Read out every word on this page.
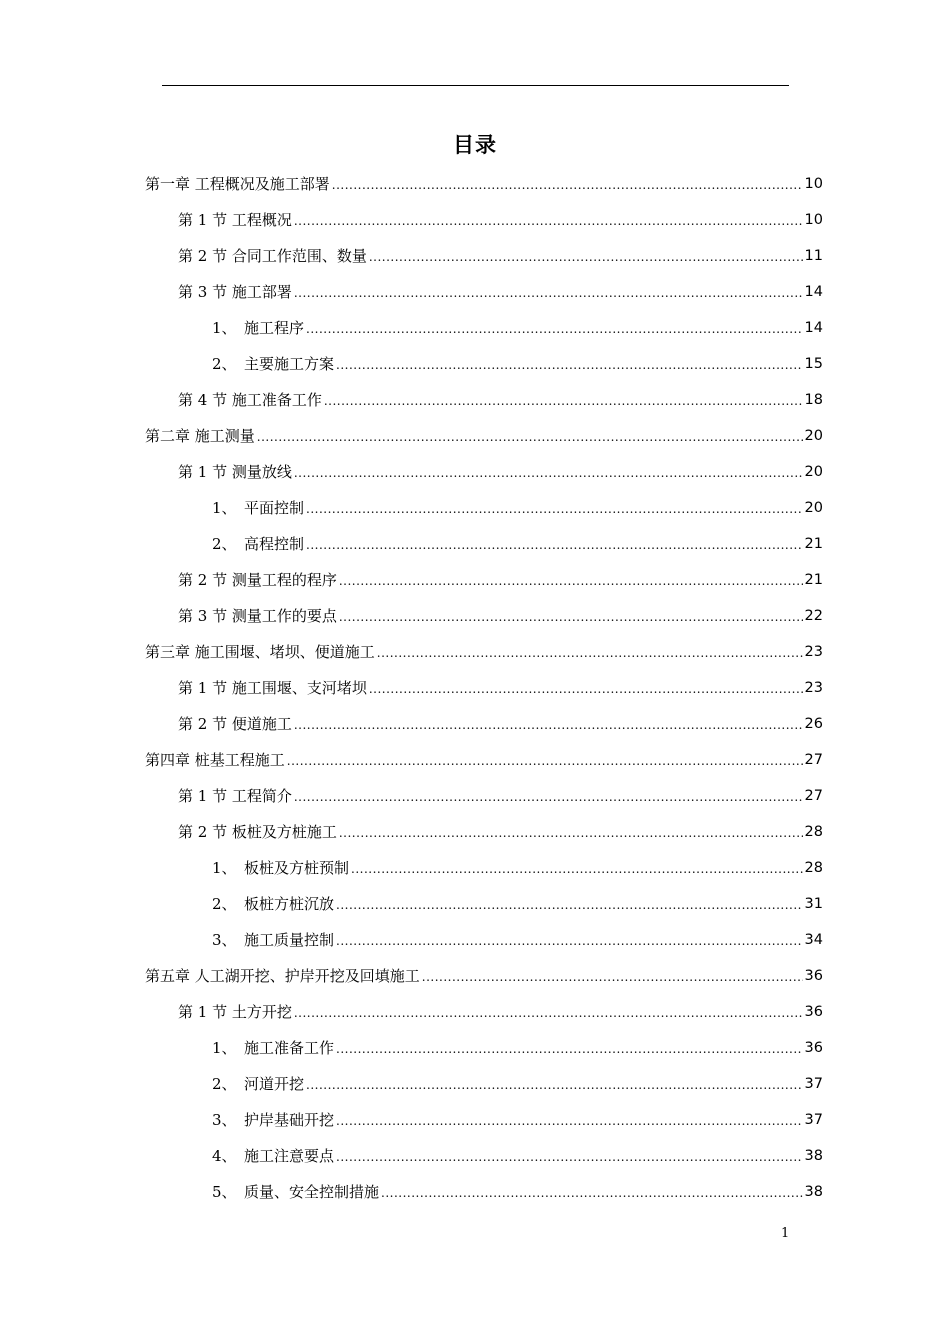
目录
第一章 工程概况及施工部署 .....	10
第 1 节 工程概况 .....	10
第 2 节 合同工作范围、数量 .....	11
第 3 节 施工部署 .....	14
1、 施工程序 .....	14
2、 主要施工方案 .....	15
第 4 节 施工准备工作 .....	18
第二章 施工测量 .....	20
第 1 节 测量放线 .....	20
1、 平面控制 .....	20
2、 高程控制 .....	21
第 2 节 测量工程的程序 .....	21
第 3 节 测量工作的要点 .....	22
第三章 施工围堰、堵坝、便道施工 .....	23
第 1 节 施工围堰、支河堵坝 .....	23
第 2 节 便道施工 .....	26
第四章 桩基工程施工 .....	27
第 1 节 工程简介 .....	27
第 2 节 板桩及方桩施工 .....	28
1、 板桩及方桩预制 .....	28
2、 板桩方桩沉放 .....	31
3、 施工质量控制 .....	34
第五章 人工湖开挖、护岸开挖及回填施工 .....	36
第 1 节 土方开挖 .....	36
1、 施工准备工作 .....	36
2、 河道开挖 .....	37
3、 护岸基础开挖 .....	37
4、 施工注意要点 .....	38
5、 质量、安全控制措施 .....	38
1
